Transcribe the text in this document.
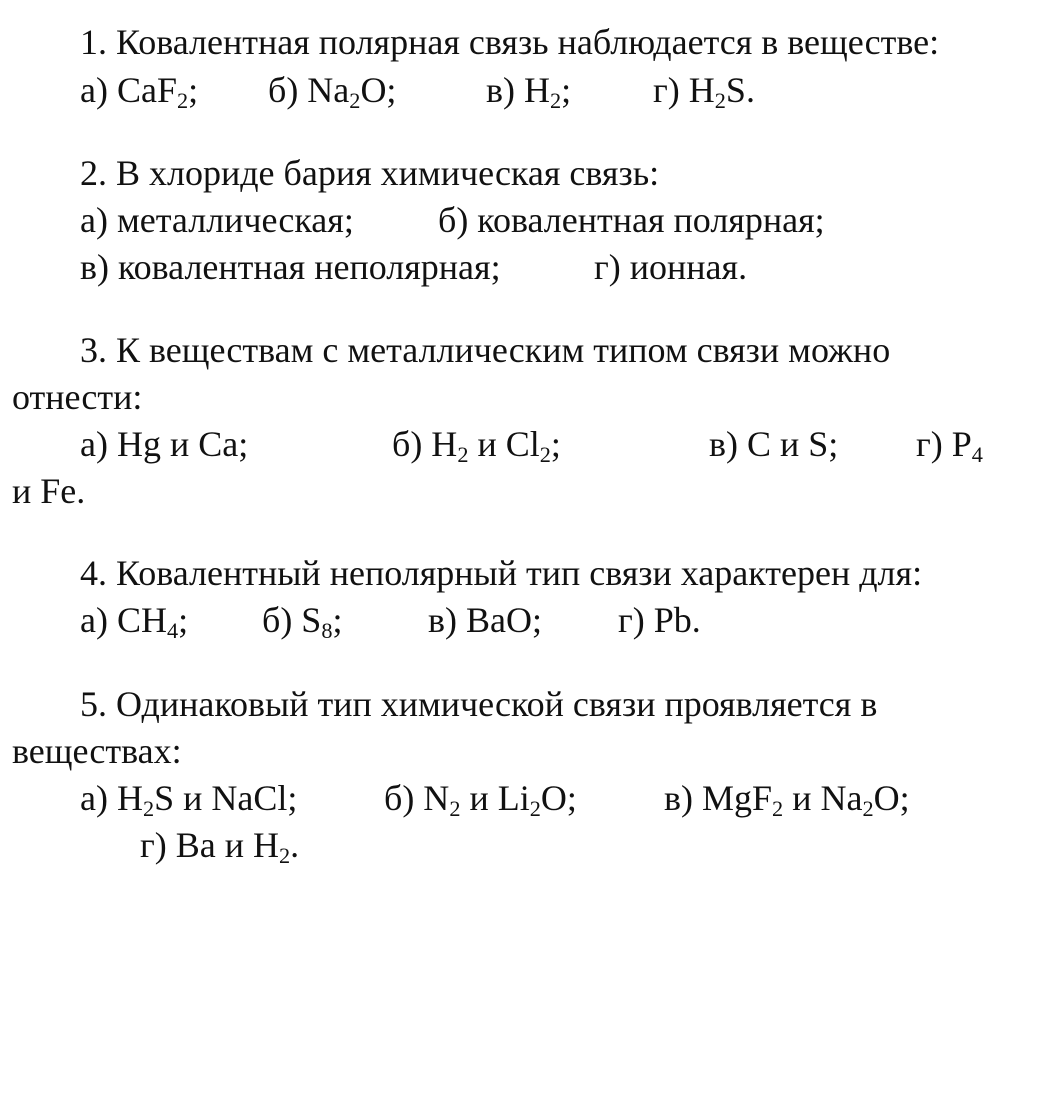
1. Ковалентная полярная связь наблюдается в веществе:
а) CaF$_2$; б) $Na_2O$; в) $H_2$; г) $H_2S$.
2. В хлориде бария химическая связь:
а) металлическая; б) ковалентная полярная;
в) ковалентная неполярная;	г) ионная.
3. К веществам с металлическим типом связи можно
отнести:
а) Hg и Ca;	б) $H_2$ и $Cl_2$;	в) C и S; г) $P_4$
и Fe.
4. Ковалентный неполярный тип связи характерен для:
а) $CH_4$; б) $S_8$; в) BaO; г) Pb.
5. Одинаковый тип химической связи проявляется в
веществах:
а) $H_2S$ и NaCl; б) $N_2$ и $Li_2O$; в) MgF$_2$ и $Na_2O$;
г) Ba и $H_2$.
